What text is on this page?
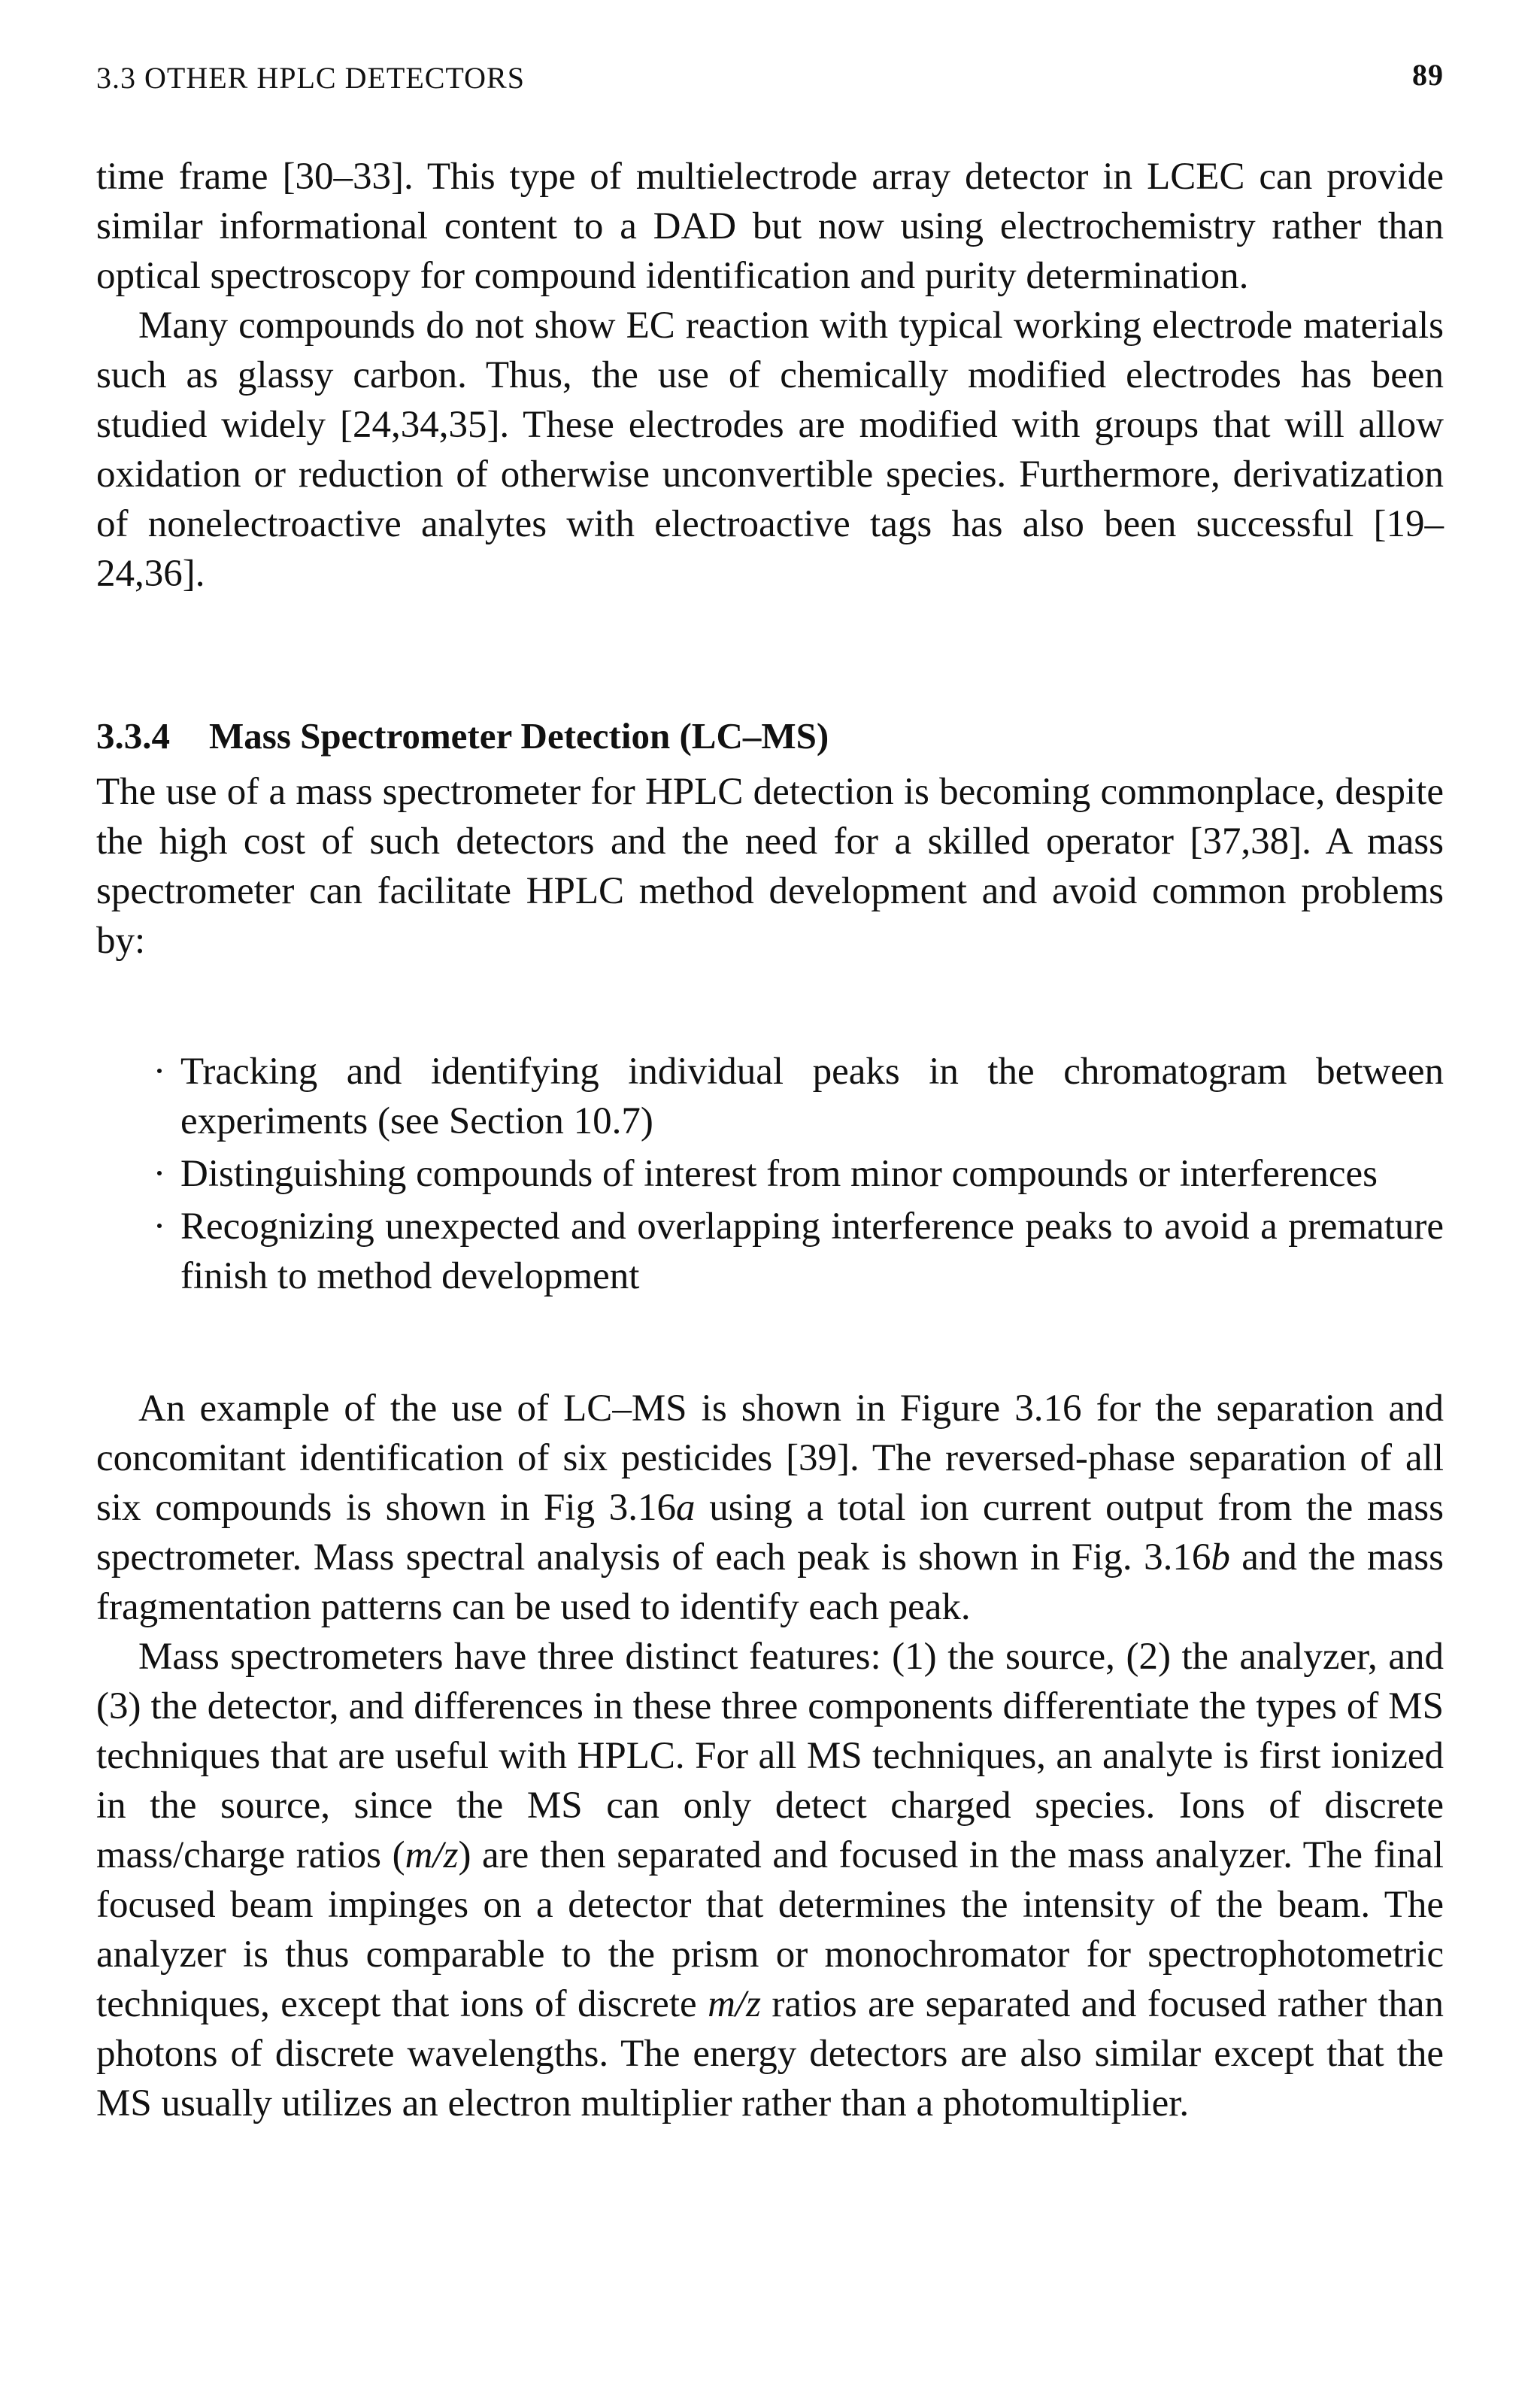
3.3 OTHER HPLC DETECTORS	89

time frame [30–33]. This type of multielectrode array detector in LCEC can provide similar informational content to a DAD but now using electrochemistry rather than optical spectroscopy for compound identification and purity determination.

Many compounds do not show EC reaction with typical working electrode materials such as glassy carbon. Thus, the use of chemically modified electrodes has been studied widely [24,34,35]. These electrodes are modified with groups that will allow oxidation or reduction of otherwise unconvertible species. Furthermore, derivatization of nonelectroactive analytes with electroactive tags has also been successful [19–24,36].

3.3.4 Mass Spectrometer Detection (LC–MS)

The use of a mass spectrometer for HPLC detection is becoming commonplace, despite the high cost of such detectors and the need for a skilled operator [37,38]. A mass spectrometer can facilitate HPLC method development and avoid common problems by:

· Tracking and identifying individual peaks in the chromatogram between experiments (see Section 10.7)
· Distinguishing compounds of interest from minor compounds or interferences
· Recognizing unexpected and overlapping interference peaks to avoid a premature finish to method development

An example of the use of LC–MS is shown in Figure 3.16 for the separation and concomitant identification of six pesticides [39]. The reversed-phase separation of all six compounds is shown in Fig 3.16a using a total ion current output from the mass spectrometer. Mass spectral analysis of each peak is shown in Fig. 3.16b and the mass fragmentation patterns can be used to identify each peak.

Mass spectrometers have three distinct features: (1) the source, (2) the analyzer, and (3) the detector, and differences in these three components differentiate the types of MS techniques that are useful with HPLC. For all MS techniques, an analyte is first ionized in the source, since the MS can only detect charged species. Ions of discrete mass/charge ratios (m/z) are then separated and focused in the mass analyzer. The final focused beam impinges on a detector that determines the intensity of the beam. The analyzer is thus comparable to the prism or monochromator for spectrophotometric techniques, except that ions of discrete m/z ratios are separated and focused rather than photons of discrete wavelengths. The energy detectors are also similar except that the MS usually utilizes an electron multiplier rather than a photomultiplier.
